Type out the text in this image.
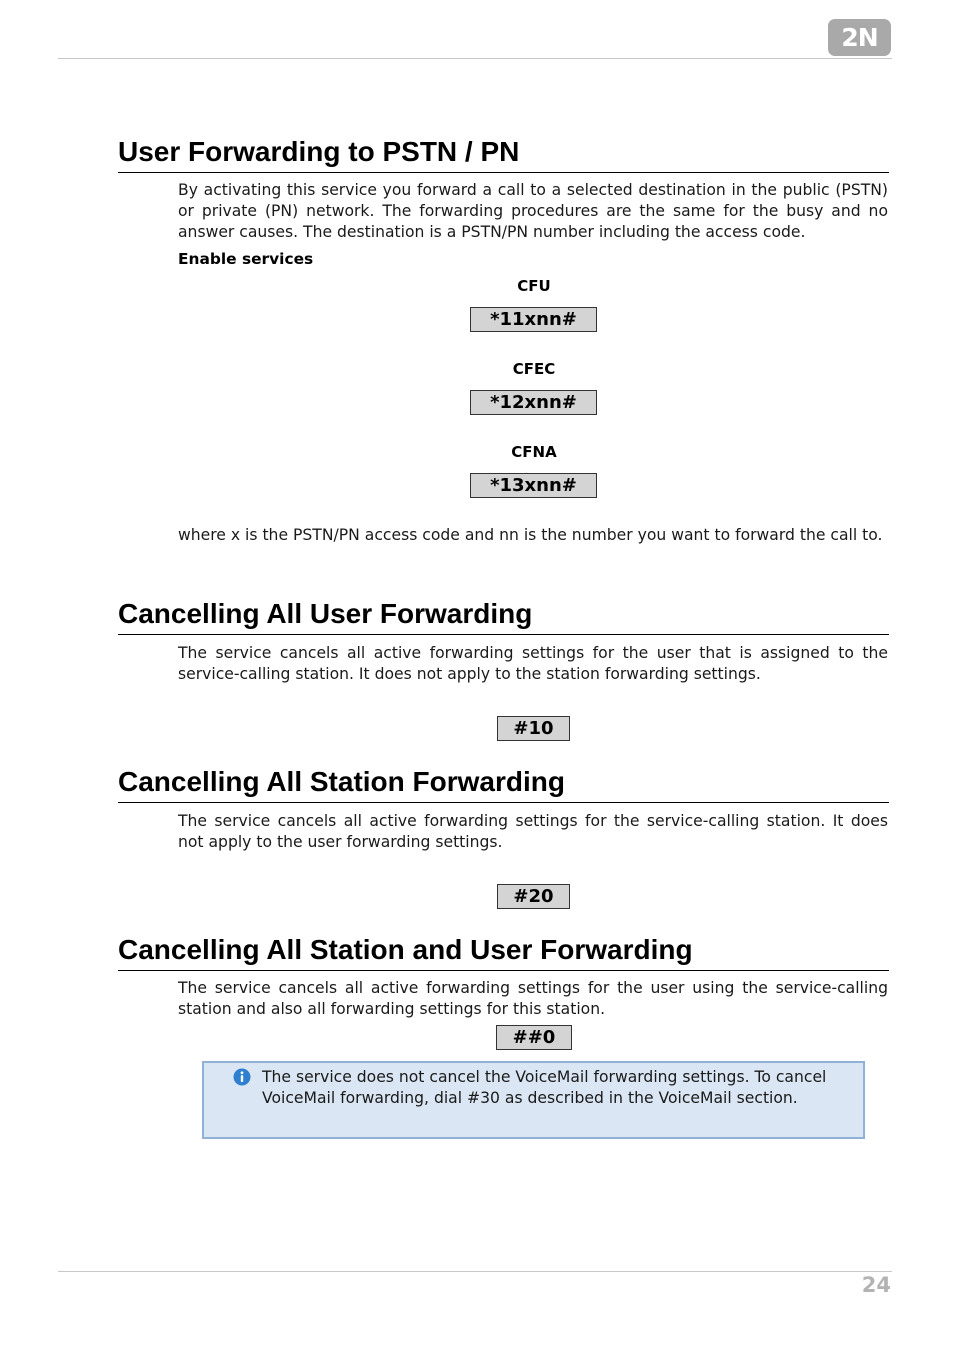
2N
User Forwarding to PSTN / PN

By activating this service you forward a call to a selected destination in the public (PSTN) or private (PN) network. The forwarding procedures are the same for the busy and no answer causes. The destination is a PSTN/PN number including the access code.

Enable services

CFU
*11xnn#
CFEC
*12xnn#
CFNA
*13xnn#

where x is the PSTN/PN access code and nn is the number you want to forward the call to.

Cancelling All User Forwarding

The service cancels all active forwarding settings for the user that is assigned to the service-calling station. It does not apply to the station forwarding settings.

#10
Cancelling All Station Forwarding

The service cancels all active forwarding settings for the service-calling station. It does not apply to the user forwarding settings.

#20
Cancelling All Station and User Forwarding

The service cancels all active forwarding settings for the user using the service-calling station and also all forwarding settings for this station.

##0

The service does not cancel the VoiceMail forwarding settings. To cancel VoiceMail forwarding, dial #30 as described in the VoiceMail section.

24
